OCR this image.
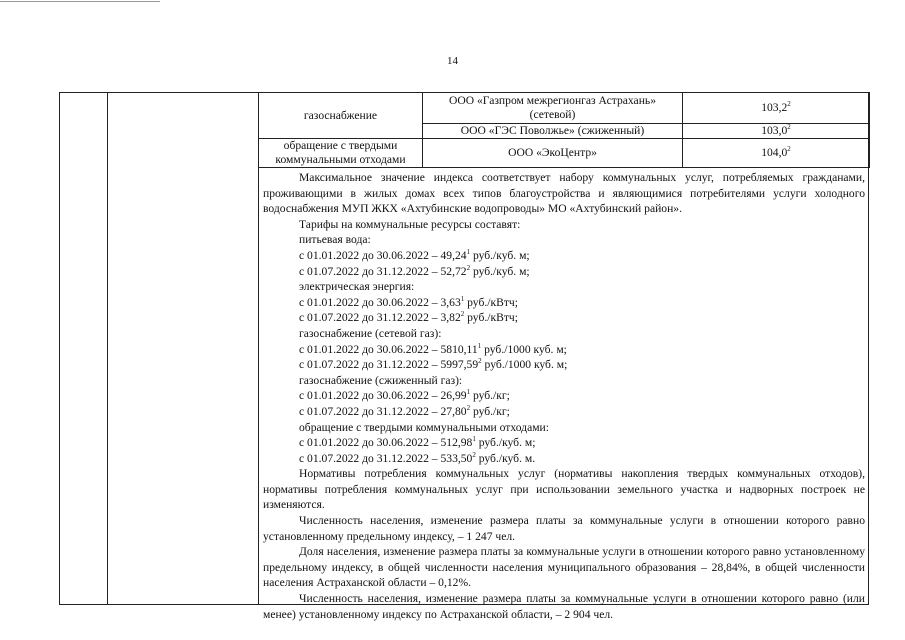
14
газоснабжение	ООО «Газпром межрегионгаз Астрахань» (сетевой)	103,2$^2$
	ООО «ГЭС Поволжье» (сжиженный)	103,0$^2$
обращение с твердыми коммунальными отходами	ООО «ЭкоЦентр»	104,0$^2$

Максимальное значение индекса соответствует набору коммунальных услуг, потребляемых гражданами, проживающими в жилых домах всех типов благоустройства и являющимися потребителями услуги холодного водоснабжения МУП ЖКХ «Ахтубинские водопроводы» МО «Ахтубинский район».

Тарифы на коммунальные ресурсы составят:

питьевая вода:

с 01.01.2022 до 30.06.2022 – 49,24$^1$ руб./куб. м;

с 01.07.2022 до 31.12.2022 – 52,72$^2$ руб./куб. м;

электрическая энергия:

с 01.01.2022 до 30.06.2022 – 3,63$^1$ руб./кВтч;

с 01.07.2022 до 31.12.2022 – 3,82$^2$ руб./кВтч;

газоснабжение (сетевой газ):

с 01.01.2022 до 30.06.2022 – 5810,11$^1$ руб./1000 куб. м;

с 01.07.2022 до 31.12.2022 – 5997,59$^2$ руб./1000 куб. м;

газоснабжение (сжиженный газ):

с 01.01.2022 до 30.06.2022 – 26,99$^1$ руб./кг;

с 01.07.2022 до 31.12.2022 – 27,80$^2$ руб./кг;

обращение с твердыми коммунальными отходами:

с 01.01.2022 до 30.06.2022 – 512,98$^1$ руб./куб. м;

с 01.07.2022 до 31.12.2022 – 533,50$^2$ руб./куб. м.

Нормативы потребления коммунальных услуг (нормативы накопления твердых коммунальных отходов), нормативы потребления коммунальных услуг при использовании земельного участка и надворных построек не изменяются.

Численность населения, изменение размера платы за коммунальные услуги в отношении которого равно установленному предельному индексу, – 1 247 чел.

Доля населения, изменение размера платы за коммунальные услуги в отношении которого равно установленному предельному индексу, в общей численности населения муниципального образования – 28,84%, в общей численности населения Астраханской области – 0,12%.

Численность населения, изменение размера платы за коммунальные услуги в отношении которого равно (или менее) установленному индексу по Астраханской области, – 2 904 чел.
